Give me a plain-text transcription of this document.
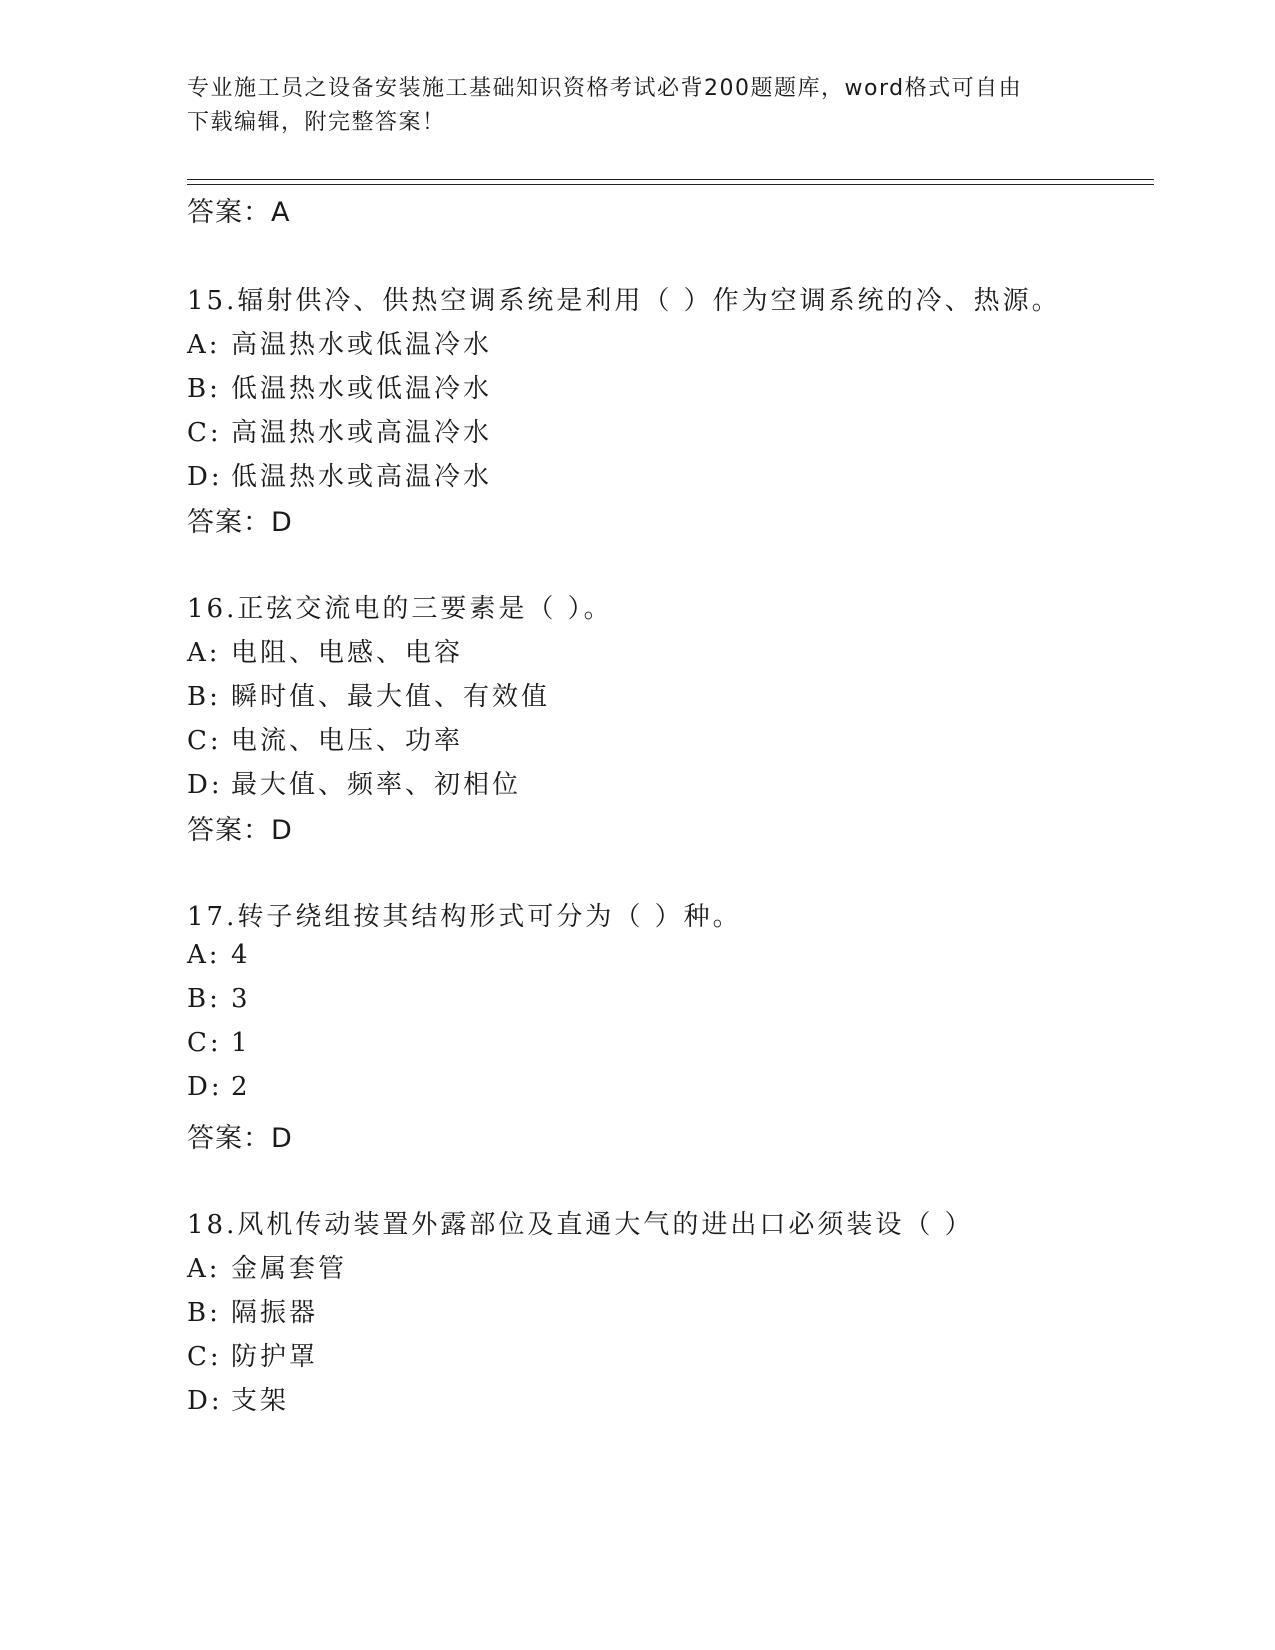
专业施工员之设备安装施工基础知识资格考试必背200题题库，word格式可自由
下载编辑，附完整答案！
答案：A
15.辐射供冷、供热空调系统是利用（ ）作为空调系统的冷、热源。
A: 高温热水或低温冷水
B: 低温热水或低温冷水
C: 高温热水或高温冷水
D: 低温热水或高温冷水
答案：D
16.正弦交流电的三要素是（ ）。
A: 电阻、电感、电容
B: 瞬时值、最大值、有效值
C: 电流、电压、功率
D: 最大值、频率、初相位
答案：D
17.转子绕组按其结构形式可分为（ ）种。
A: 4
B: 3
C: 1
D: 2
答案：D
18.风机传动装置外露部位及直通大气的进出口必须装设（ ）
A: 金属套管
B: 隔振器
C: 防护罩
D: 支架
